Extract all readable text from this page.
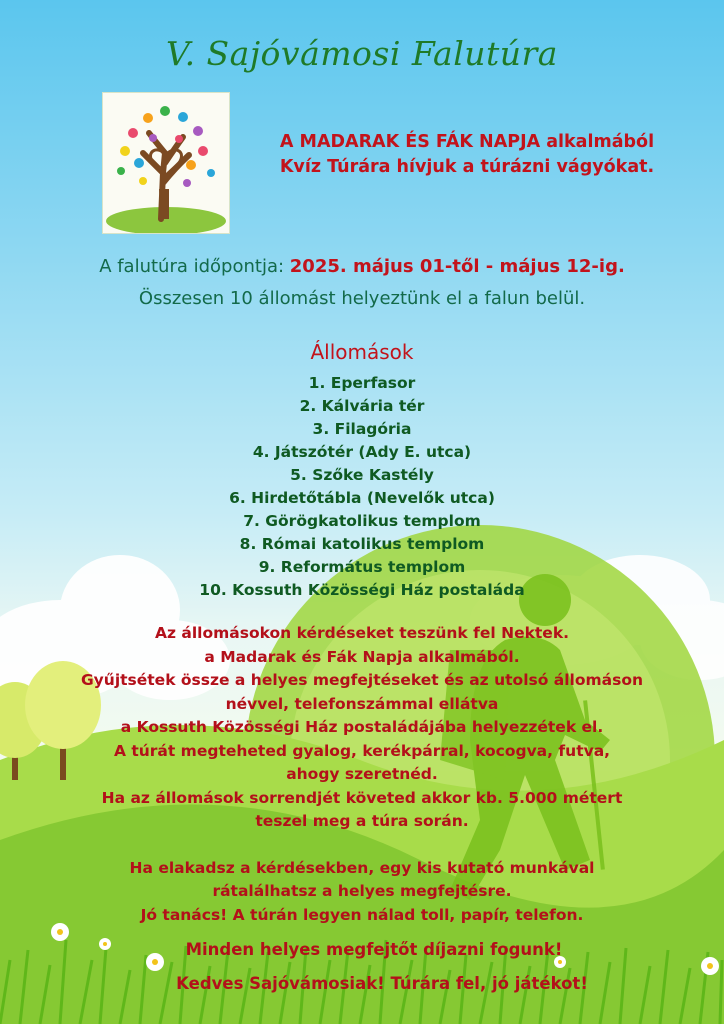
V. Sajóvámosi Falutúra
A MADARAK ÉS FÁK NAPJA alkalmából
Kvíz Túrára hívjuk a túrázni vágyókat.
A falutúra időpontja: 2025. május 01-től - május 12-ig.
Összesen 10 állomást helyeztünk el a falun belül.
Állomások
1. Eperfasor
2. Kálvária tér
3. Filagória
4. Játszótér (Ady E. utca)
5. Szőke Kastély
6. Hirdetőtábla (Nevelők utca)
7. Görögkatolikus templom
8. Római katolikus templom
9. Református templom
10. Kossuth Közösségi Ház postaláda

Az állomásokon kérdéseket teszünk fel Nektek.

a Madarak és Fák Napja alkalmából.

Gyűjtsétek össze a helyes megfejtéseket és az utolsó állomáson

névvel, telefonszámmal ellátva

a Kossuth Közösségi Ház postaládájába helyezzétek el.

A túrát megteheted gyalog, kerékpárral, kocogva, futva,

ahogy szeretnéd.

Ha az állomások sorrendjét követed akkor kb. 5.000 métert

teszel meg a túra során.

Ha elakadsz a kérdésekben, egy kis kutató munkával

rátalálhatsz a helyes megfejtésre.

Jó tanács! A túrán legyen nálad toll, papír, telefon.

Minden helyes megfejtőt díjazni fogunk!
Kedves Sajóvámosiak! Túrára fel, jó játékot!
